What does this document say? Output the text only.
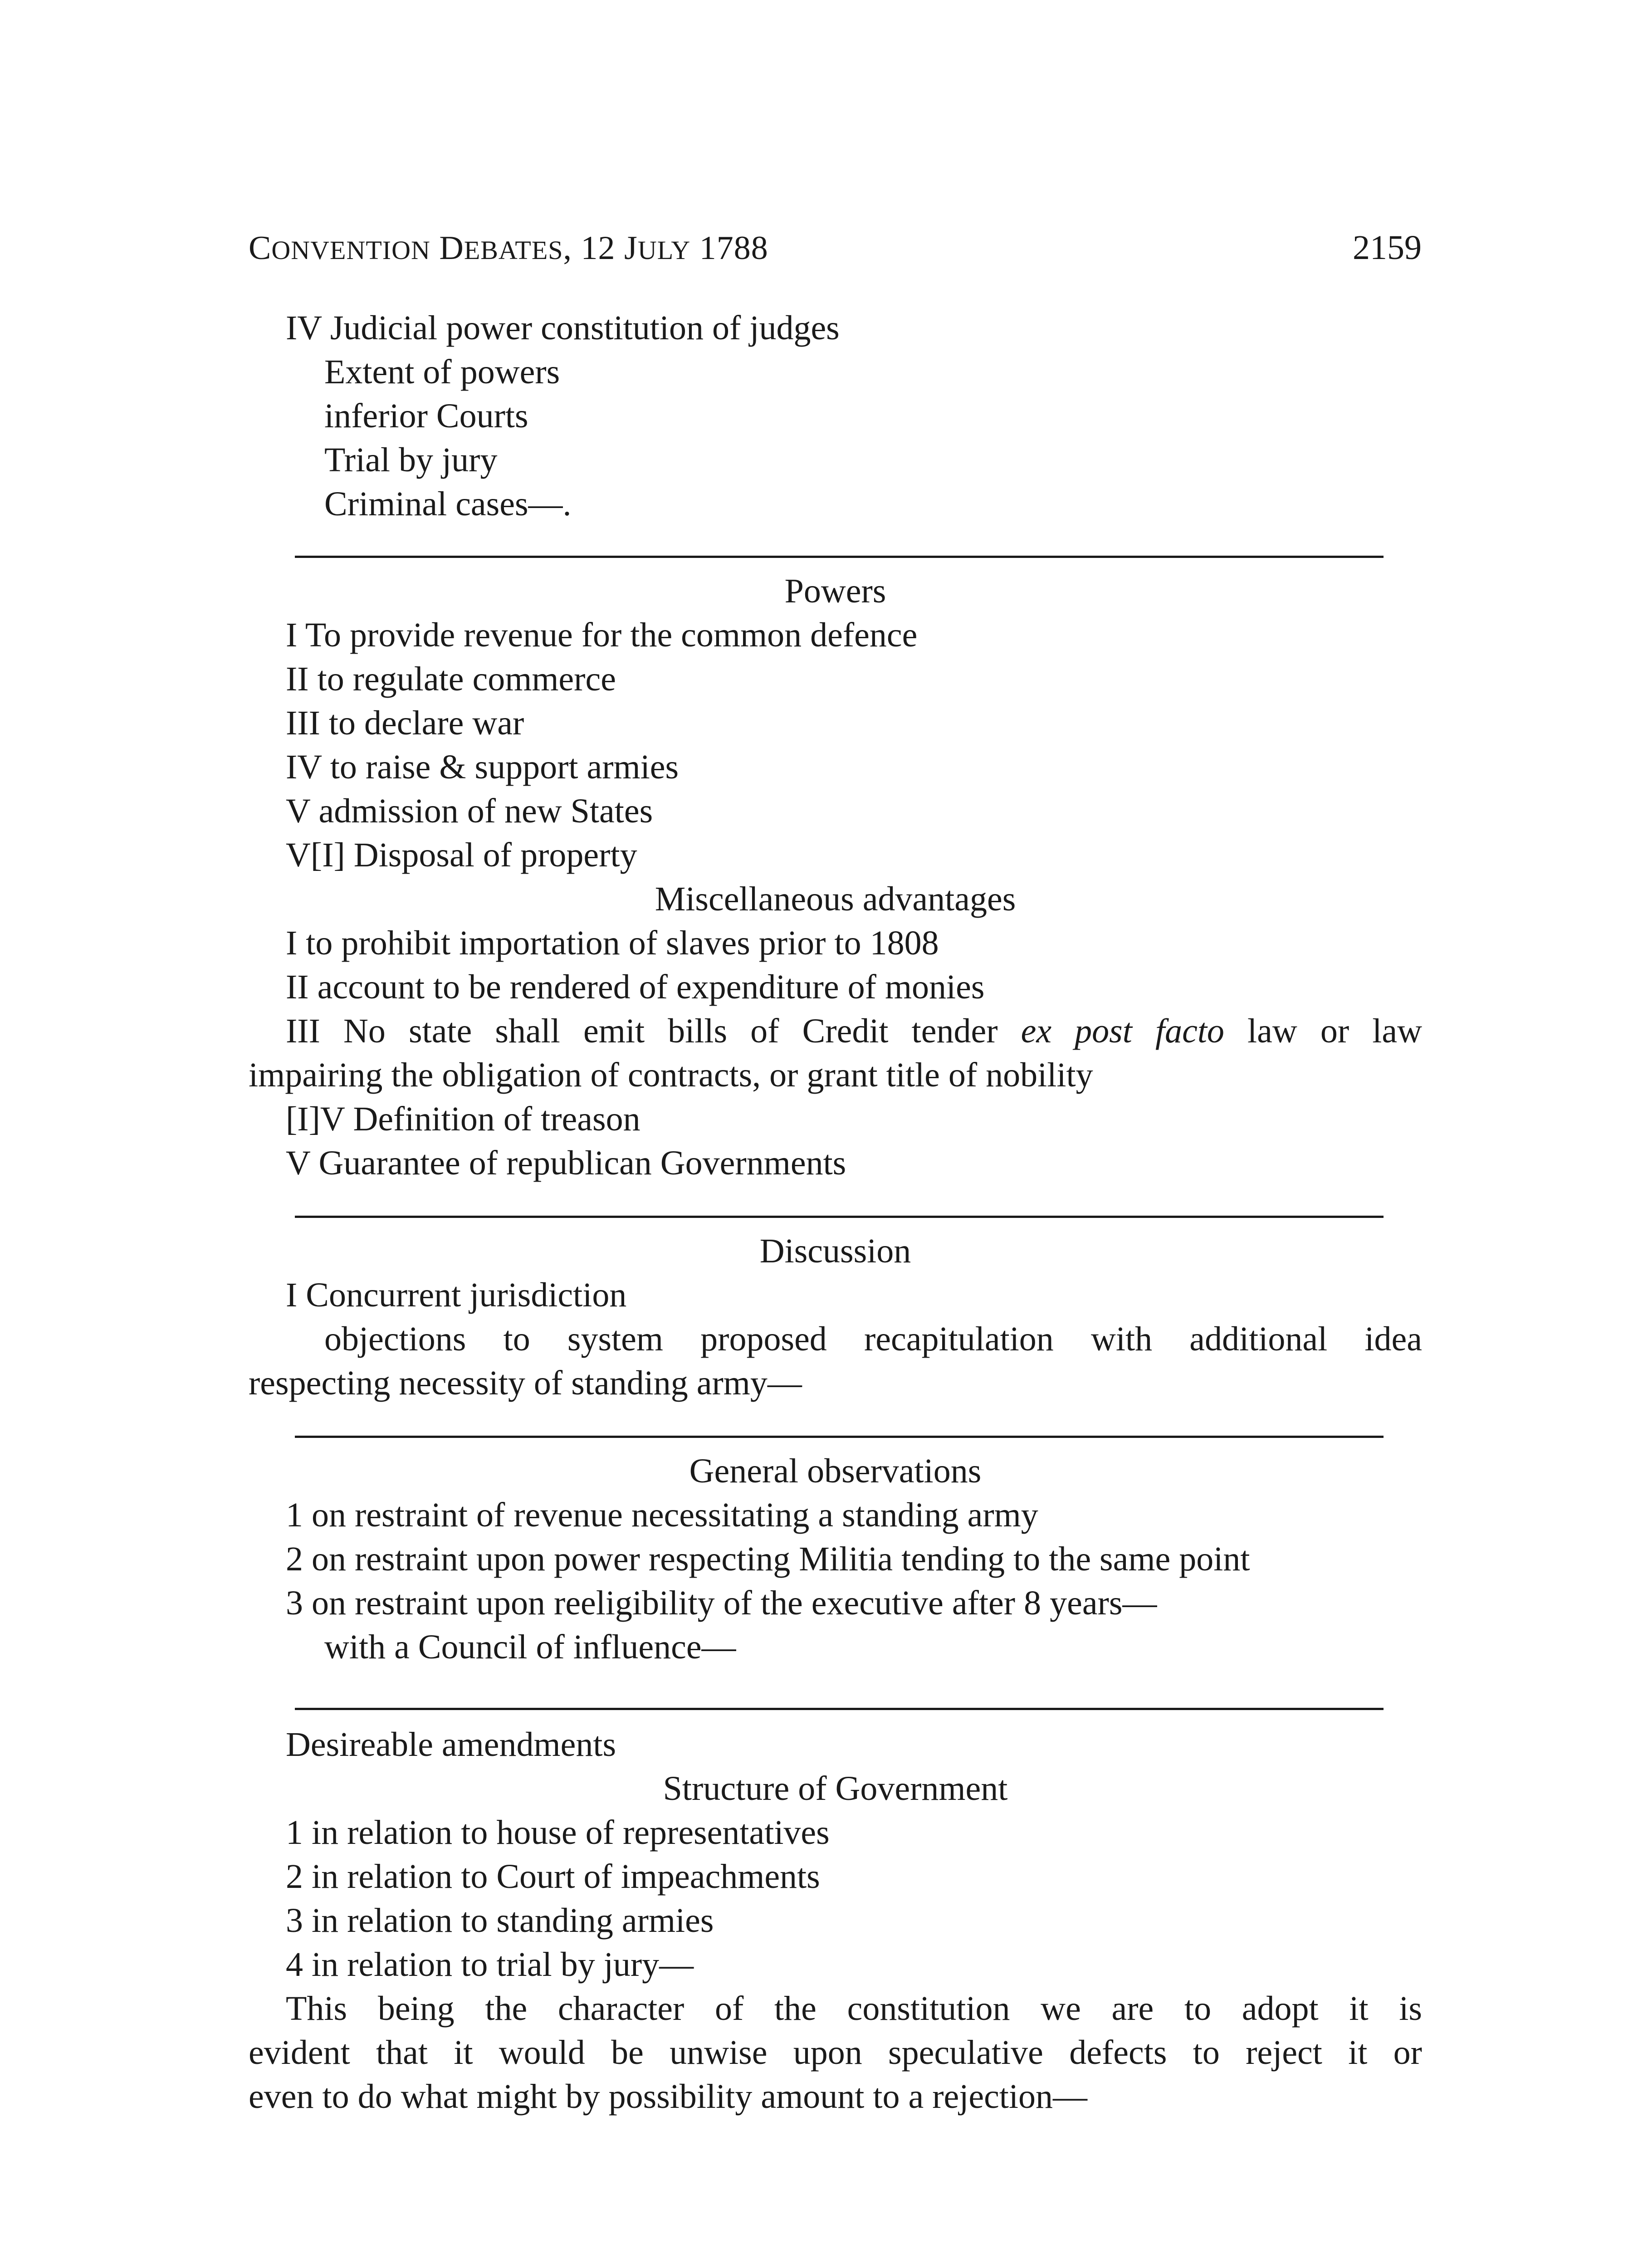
CONVENTION DEBATES, 12 JULY 1788	2159
IV Judicial power constitution of judges
Extent of powers
inferior Courts
Trial by jury
Criminal cases—.
Powers
I To provide revenue for the common defence
II to regulate commerce
III to declare war
IV to raise & support armies
V admission of new States
V[I] Disposal of property
Miscellaneous advantages
I to prohibit importation of slaves prior to 1808
II account to be rendered of expenditure of monies
III No state shall emit bills of Credit tender ex post facto law or law
impairing the obligation of contracts, or grant title of nobility
[I]V Definition of treason
V Guarantee of republican Governments
Discussion
I Concurrent jurisdiction
objections to system proposed recapitulation with additional idea
respecting necessity of standing army—
General observations
1 on restraint of revenue necessitating a standing army
2 on restraint upon power respecting Militia tending to the same point
3 on restraint upon reeligibility of the executive after 8 years—
with a Council of influence—
Desireable amendments
Structure of Government
1 in relation to house of representatives
2 in relation to Court of impeachments
3 in relation to standing armies
4 in relation to trial by jury—
This being the character of the constitution we are to adopt it is
evident that it would be unwise upon speculative defects to reject it or
even to do what might by possibility amount to a rejection—
